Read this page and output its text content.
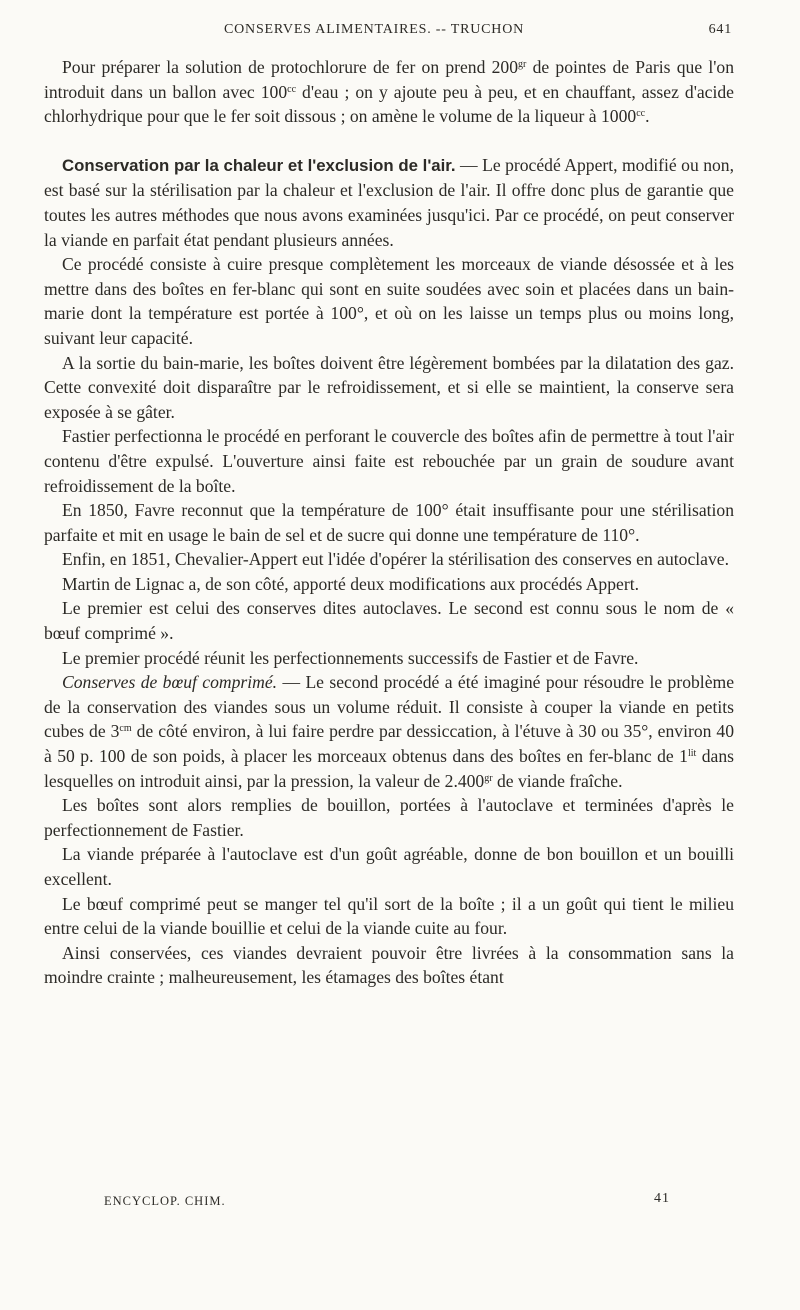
CONSERVES ALIMENTAIRES. -- TRUCHON	641

Pour préparer la solution de protochlorure de fer on prend $200^{gr}$ de pointes de Paris que l'on introduit dans un ballon avec $100^{cc}$ d'eau ; on y ajoute peu à peu, et en chauffant, assez d'acide chlorhydrique pour que le fer soit dissous ; on amène le volume de la liqueur à $1000^{cc}$.

Conservation par la chaleur et l'exclusion de l'air. — Le procédé Appert, modifié ou non, est basé sur la stérilisation par la chaleur et l'exclusion de l'air. Il offre donc plus de garantie que toutes les autres méthodes que nous avons examinées jusqu'ici. Par ce procédé, on peut conserver la viande en parfait état pendant plusieurs années.

Ce procédé consiste à cuire presque complètement les morceaux de viande désossée et à les mettre dans des boîtes en fer-blanc qui sont en suite soudées avec soin et placées dans un bain-marie dont la température est portée à 100°, et où on les laisse un temps plus ou moins long, suivant leur capacité.

A la sortie du bain-marie, les boîtes doivent être légèrement bombées par la dilatation des gaz. Cette convexité doit disparaître par le refroidissement, et si elle se maintient, la conserve sera exposée à se gâter.

Fastier perfectionna le procédé en perforant le couvercle des boîtes afin de permettre à tout l'air contenu d'être expulsé. L'ouverture ainsi faite est rebouchée par un grain de soudure avant refroidissement de la boîte.

En 1850, Favre reconnut que la température de 100° était insuffisante pour une stérilisation parfaite et mit en usage le bain de sel et de sucre qui donne une température de 110°.

Enfin, en 1851, Chevalier-Appert eut l'idée d'opérer la stérilisation des conserves en autoclave.

Martin de Lignac a, de son côté, apporté deux modifications aux procédés Appert.

Le premier est celui des conserves dites autoclaves. Le second est connu sous le nom de « bœuf comprimé ».

Le premier procédé réunit les perfectionnements successifs de Fastier et de Favre.

Conserves de bœuf comprimé. — Le second procédé a été imaginé pour résoudre le problème de la conservation des viandes sous un volume réduit. Il consiste à couper la viande en petits cubes de $3^{cm}$ de côté environ, à lui faire perdre par dessiccation, à l'étuve à 30 ou 35°, environ 40 à 50 p. 100 de son poids, à placer les morceaux obtenus dans des boîtes en fer-blanc de $1^{lit}$ dans lesquelles on introduit ainsi, par la pression, la valeur de $2.400^{gr}$ de viande fraîche.

Les boîtes sont alors remplies de bouillon, portées à l'autoclave et terminées d'après le perfectionnement de Fastier.

La viande préparée à l'autoclave est d'un goût agréable, donne de bon bouillon et un bouilli excellent.

Le bœuf comprimé peut se manger tel qu'il sort de la boîte ; il a un goût qui tient le milieu entre celui de la viande bouillie et celui de la viande cuite au four.

Ainsi conservées, ces viandes devraient pouvoir être livrées à la consommation sans la moindre crainte ; malheureusement, les étamages des boîtes étant

ENCYCLOP. CHIM.	41
